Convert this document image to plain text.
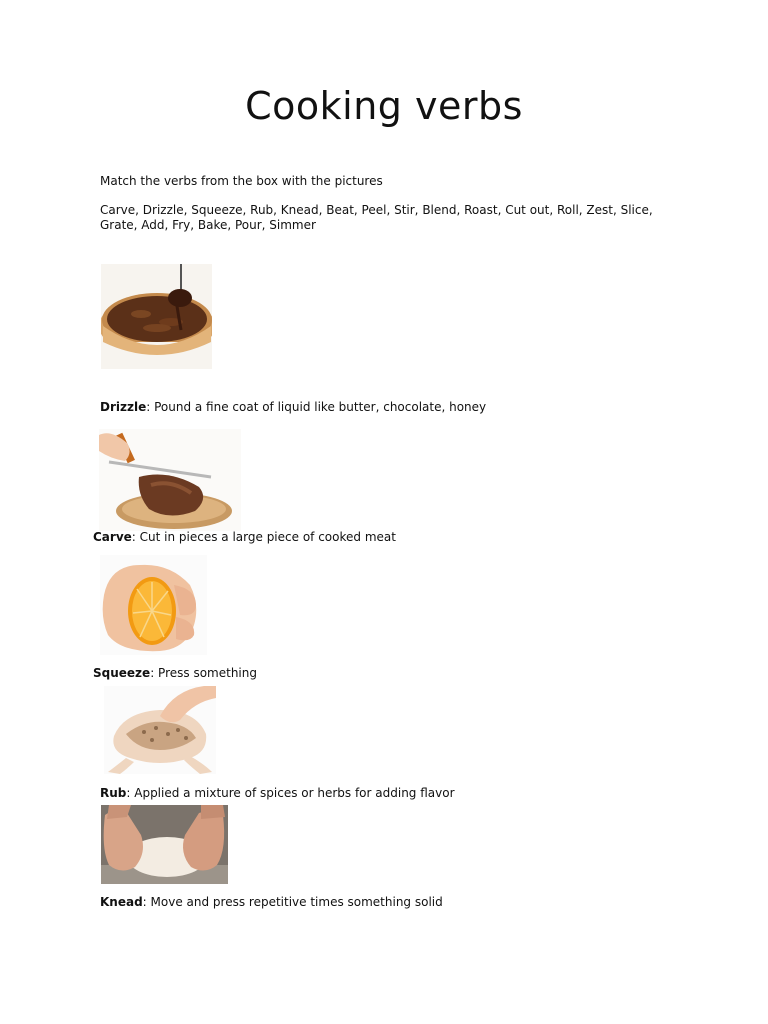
Cooking verbs
Match the verbs from the box with the pictures
Carve, Drizzle, Squeeze, Rub, Knead, Beat, Peel, Stir, Blend, Roast, Cut out, Roll, Zest, Slice, Grate, Add, Fry, Bake, Pour, Simmer
Drizzle: Pound a fine coat of liquid like butter, chocolate, honey
Carve: Cut in pieces a large piece of cooked meat
Squeeze: Press something
Rub: Applied a mixture of spices or herbs for adding flavor
Knead: Move and press repetitive times something solid
